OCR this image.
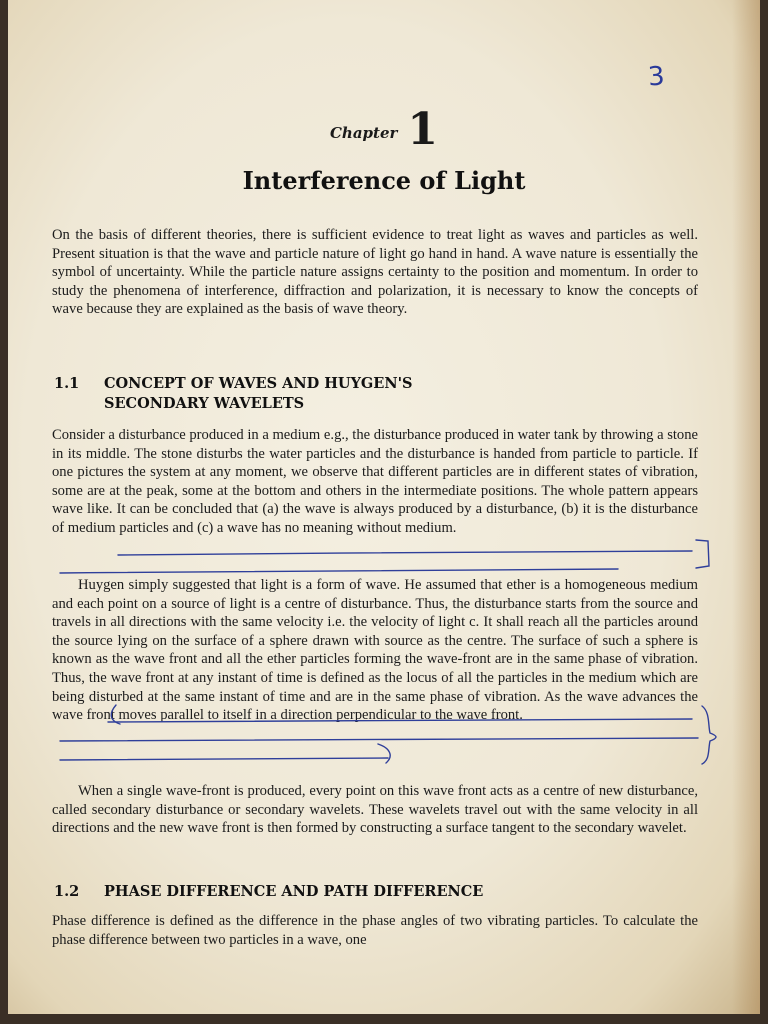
3
Chapter 1
Interference of Light

On the basis of different theories, there is sufficient evidence to treat light as waves and particles as well. Present situation is that the wave and particle nature of light go hand in hand. A wave nature is essentially the symbol of uncertainty. While the particle nature assigns certainty to the position and momentum. In order to study the phenomena of interference, diffraction and polarization, it is necessary to know the concepts of wave because they are explained as the basis of wave theory.

1.1 CONCEPT OF WAVES AND HUYGEN'S
SECONDARY WAVELETS

Consider a disturbance produced in a medium e.g., the disturbance produced in water tank by throwing a stone in its middle. The stone disturbs the water particles and the disturbance is handed from particle to particle. If one pictures the system at any moment, we observe that different particles are in different states of vibration, some are at the peak, some at the bottom and others in the intermediate positions. The whole pattern appears wave like. It can be concluded that (a) the wave is always produced by a disturbance, (b) it is the disturbance of medium particles and (c) a wave has no meaning without medium.

Huygen simply suggested that light is a form of wave. He assumed that ether is a homogeneous medium and each point on a source of light is a centre of disturbance. Thus, the disturbance starts from the source and travels in all directions with the same velocity i.e. the velocity of light c. It shall reach all the particles around the source lying on the surface of a sphere drawn with source as the centre. The surface of such a sphere is known as the wave front and all the ether particles forming the wave-front are in the same phase of vibration. Thus, the wave front at any instant of time is defined as the locus of all the particles in the medium which are being disturbed at the same instant of time and are in the same phase of vibration. As the wave advances the wave front moves parallel to itself in a direction perpendicular to the wave front.

When a single wave-front is produced, every point on this wave front acts as a centre of new disturbance, called secondary disturbance or secondary wavelets. These wavelets travel out with the same velocity in all directions and the new wave front is then formed by constructing a surface tangent to the secondary wavelet.

1.2 PHASE DIFFERENCE AND PATH DIFFERENCE

Phase difference is defined as the difference in the phase angles of two vibrating particles. To calculate the phase difference between two particles in a wave, one
